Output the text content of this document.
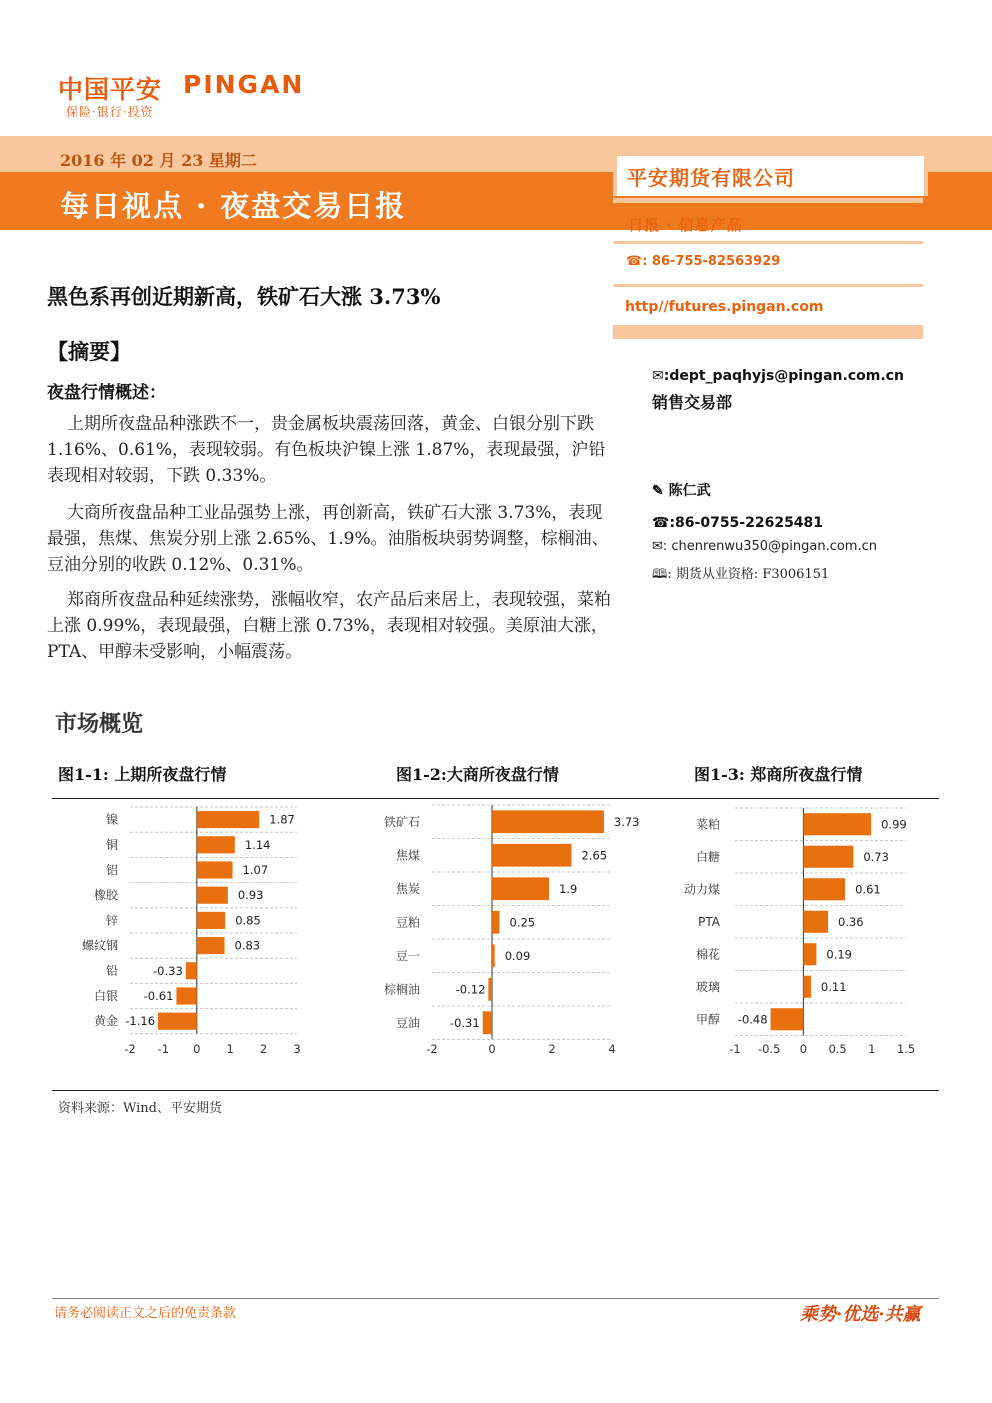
中国平安 PINGAN
保险·银行·投资
2016 年 02 月 23 星期二
每日视点 · 夜盘交易日报
平安期货有限公司
日报 · 信息产品
☎: 86-755-82563929
http//futures.pingan.com
✉:dept_paqhyjs@pingan.com.cn
销售交易部
✎ 陈仁武
☎:86-0755-22625481
✉: chenrenwu350@pingan.com.cn
🕮: 期货从业资格: F3006151
黑色系再创近期新高，铁矿石大涨 3.73%
【摘要】
夜盘行情概述：
上期所夜盘品种涨跌不一，贵金属板块震荡回落，黄金、白银分别下跌 1.16%、0.61%，表现较弱。有色板块沪镍上涨 1.87%，表现最强，沪铅表现相对较弱，下跌 0.33%。
大商所夜盘品种工业品强势上涨，再创新高，铁矿石大涨 3.73%，表现最强，焦煤、焦炭分别上涨 2.65%、1.9%。油脂板块弱势调整，棕榈油、豆油分别的收跌 0.12%、0.31%。
郑商所夜盘品种延续涨势，涨幅收窄，农产品后来居上，表现较强，菜粕上涨 0.99%，表现最强，白糖上涨 0.73%，表现相对较强。美原油大涨，PTA、甲醇未受影响，小幅震荡。
市场概览
图1-1: 上期所夜盘行情	图1-2:大商所夜盘行情	图1-3: 郑商所夜盘行情
镍	1.87
铜	1.14
铝	1.07
橡胶	0.93
锌	0.85
螺纹钢	0.83
铅	-0.33
白银 -0.61
黄金 -1.16
-2 -1 0 1 2 3
铁矿石	3.73
焦煤	2.65
焦炭	1.9
豆粕	0.25
豆一	0.09
棕榈油	-0.12
豆油	-0.31
-2	0	2	4
菜粕	0.99
白糖	0.73
动力煤	0.61
PTA	0.36
棉花	0.19
玻璃	0.11
甲醇 -0.48
-1 -0.5 0 0.5 1 1.5
资料来源：Wind、平安期货
请务必阅读正文之后的免责条款	乘势·优选·共赢
